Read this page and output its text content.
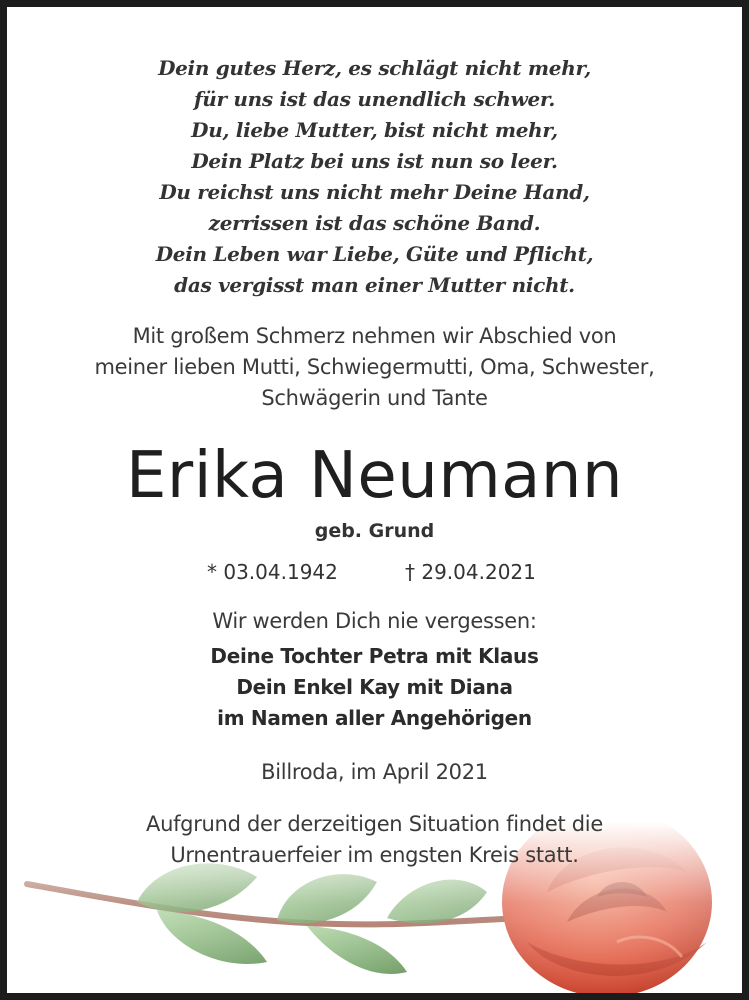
Dein gutes Herz, es schlägt nicht mehr,
für uns ist das unendlich schwer.
Du, liebe Mutter, bist nicht mehr,
Dein Platz bei uns ist nun so leer.
Du reichst uns nicht mehr Deine Hand,
zerrissen ist das schöne Band.
Dein Leben war Liebe, Güte und Pflicht,
das vergisst man einer Mutter nicht.
Mit großem Schmerz nehmen wir Abschied von
meiner lieben Mutti, Schwiegermutti, Oma, Schwester,
Schwägerin und Tante
Erika Neumann
geb. Grund
* 03.04.1942	† 29.04.2021
Wir werden Dich nie vergessen:
Deine Tochter Petra mit Klaus
Dein Enkel Kay mit Diana
im Namen aller Angehörigen
Billroda, im April 2021
Aufgrund der derzeitigen Situation findet die
Urnentrauerfeier im engsten Kreis statt.
